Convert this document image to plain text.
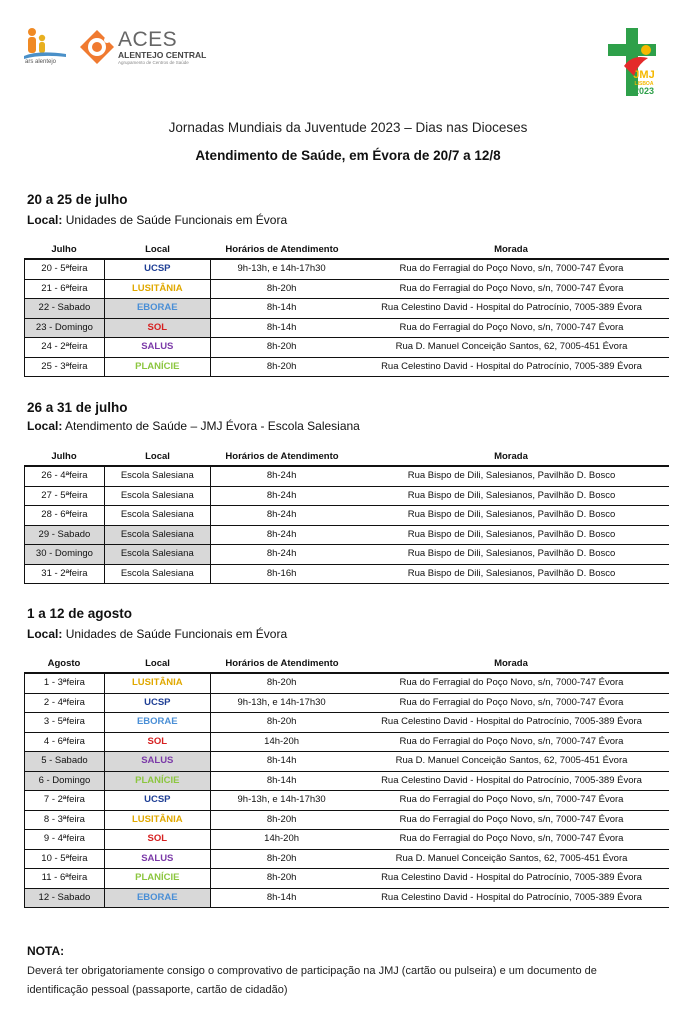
ars alentejo
ACES
ALENTEJO CENTRAL
Agrupamento de Centros de Saúde
JMJ
LISBOA
2023
Jornadas Mundiais da Juventude 2023 – Dias nas Dioceses
Atendimento de Saúde, em Évora de 20/7 a 12/8
20 a 25 de julho
Local: Unidades de Saúde Funcionais em Évora
Julho	Local	Horários de Atendimento	Morada
20 - 5ªfeira	UCSP	9h-13h, e 14h-17h30	Rua do Ferragial do Poço Novo, s/n, 7000-747 Évora
21 - 6ªfeira	LUSITÂNIA	8h-20h	Rua do Ferragial do Poço Novo, s/n, 7000-747 Évora
22 - Sabado	EBORAE	8h-14h	Rua Celestino David - Hospital do Patrocínio, 7005-389 Évora
23 - Domingo	SOL	8h-14h	Rua do Ferragial do Poço Novo, s/n, 7000-747 Évora
24 - 2ªfeira	SALUS	8h-20h	Rua D. Manuel Conceição Santos, 62, 7005-451 Évora
25 - 3ªfeira	PLANÍCIE	8h-20h	Rua Celestino David - Hospital do Patrocínio, 7005-389 Évora
26 a 31 de julho
Local: Atendimento de Saúde – JMJ Évora - Escola Salesiana
Julho	Local	Horários de Atendimento	Morada
26 - 4ªfeira	Escola Salesiana	8h-24h	Rua Bispo de Dili, Salesianos, Pavilhão D. Bosco
27 - 5ªfeira	Escola Salesiana	8h-24h	Rua Bispo de Dili, Salesianos, Pavilhão D. Bosco
28 - 6ªfeira	Escola Salesiana	8h-24h	Rua Bispo de Dili, Salesianos, Pavilhão D. Bosco
29 - Sabado	Escola Salesiana	8h-24h	Rua Bispo de Dili, Salesianos, Pavilhão D. Bosco
30 - Domingo	Escola Salesiana	8h-24h	Rua Bispo de Dili, Salesianos, Pavilhão D. Bosco
31 - 2ªfeira	Escola Salesiana	8h-16h	Rua Bispo de Dili, Salesianos, Pavilhão D. Bosco
1 a 12 de agosto
Local: Unidades de Saúde Funcionais em Évora
Agosto	Local	Horários de Atendimento	Morada
1 - 3ªfeira	LUSITÂNIA	8h-20h	Rua do Ferragial do Poço Novo, s/n, 7000-747 Évora
2 - 4ªfeira	UCSP	9h-13h, e 14h-17h30	Rua do Ferragial do Poço Novo, s/n, 7000-747 Évora
3 - 5ªfeira	EBORAE	8h-20h	Rua Celestino David - Hospital do Patrocínio, 7005-389 Évora
4 - 6ªfeira	SOL	14h-20h	Rua do Ferragial do Poço Novo, s/n, 7000-747 Évora
5 - Sabado	SALUS	8h-14h	Rua D. Manuel Conceição Santos, 62, 7005-451 Évora
6 - Domingo	PLANÍCIE	8h-14h	Rua Celestino David - Hospital do Patrocínio, 7005-389 Évora
7 - 2ªfeira	UCSP	9h-13h, e 14h-17h30	Rua do Ferragial do Poço Novo, s/n, 7000-747 Évora
8 - 3ªfeira	LUSITÂNIA	8h-20h	Rua do Ferragial do Poço Novo, s/n, 7000-747 Évora
9 - 4ªfeira	SOL	14h-20h	Rua do Ferragial do Poço Novo, s/n, 7000-747 Évora
10 - 5ªfeira	SALUS	8h-20h	Rua D. Manuel Conceição Santos, 62, 7005-451 Évora
11 - 6ªfeira	PLANÍCIE	8h-20h	Rua Celestino David - Hospital do Patrocínio, 7005-389 Évora
12 - Sabado	EBORAE	8h-14h	Rua Celestino David - Hospital do Patrocínio, 7005-389 Évora
NOTA:
Deverá ter obrigatoriamente consigo o comprovativo de participação na JMJ (cartão ou pulseira) e um documento de identificação pessoal (passaporte, cartão de cidadão)
